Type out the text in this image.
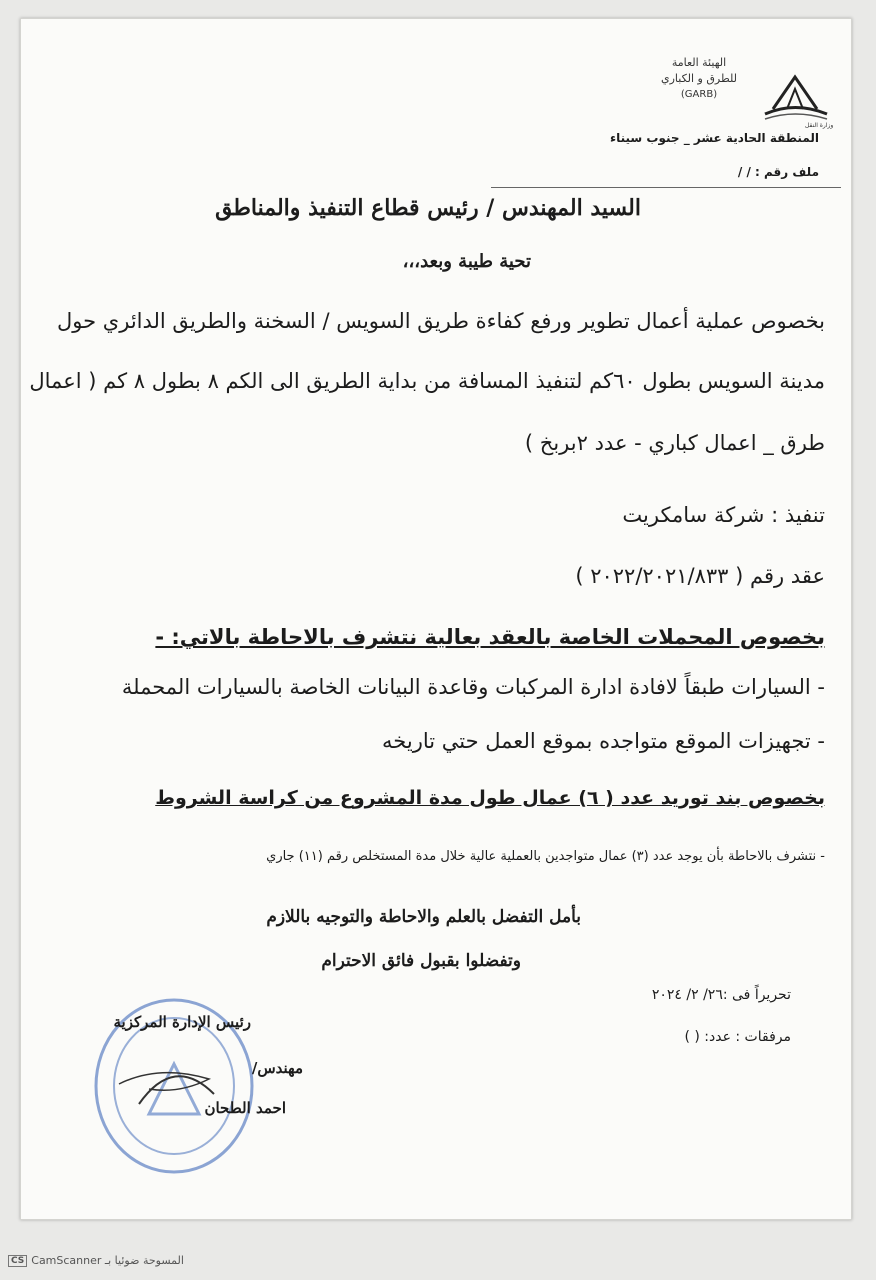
وزارة النقل
الهيئة العامة
للطرق و الكباري
(GARB)
المنطقة الحادية عشر _ جنوب سيناء
ملف رقم : / /
السيد المهندس / رئيس قطاع التنفيذ والمناطق
تحية طيبة وبعد،،،
بخصوص عملية أعمال تطوير ورفع كفاءة طريق السويس / السخنة والطريق الدائري حول
مدينة السويس بطول ٦٠كم لتنفيذ المسافة من بداية الطريق الى الكم ٨ بطول ٨ كم ( اعمال
طرق _ اعمال كباري - عدد ٢بربخ )
تنفيذ : شركة سامكريت
عقد رقم ( ٢٠٢٢/٢٠٢١/٨٣٣ )
بخصوص المحملات الخاصة بالعقد بعالية نتشرف بالاحاطة بالاتي: -
- السيارات طبقاً لافادة ادارة المركبات وقاعدة البيانات الخاصة بالسيارات المحملة
- تجهيزات الموقع متواجده بموقع العمل حتي تاريخه
بخصوص بند توريد عدد ( ٦) عمال طول مدة المشروع من كراسة الشروط
- نتشرف بالاحاطة بأن يوجد عدد (٣) عمال متواجدين بالعملية عالية خلال مدة المستخلص رقم (١١) جاري
بأمل التفضل بالعلم والاحاطة والتوجيه باللازم
وتفضلوا بقبول فائق الاحترام
تحريراً فى :٢٦/ ٢/ ٢٠٢٤
مرفقات : عدد: ( )
رئيس الإدارة المركزية
مهندس/
احمد الطحان
CS CamScanner المسوحة ضوئيا بـ
